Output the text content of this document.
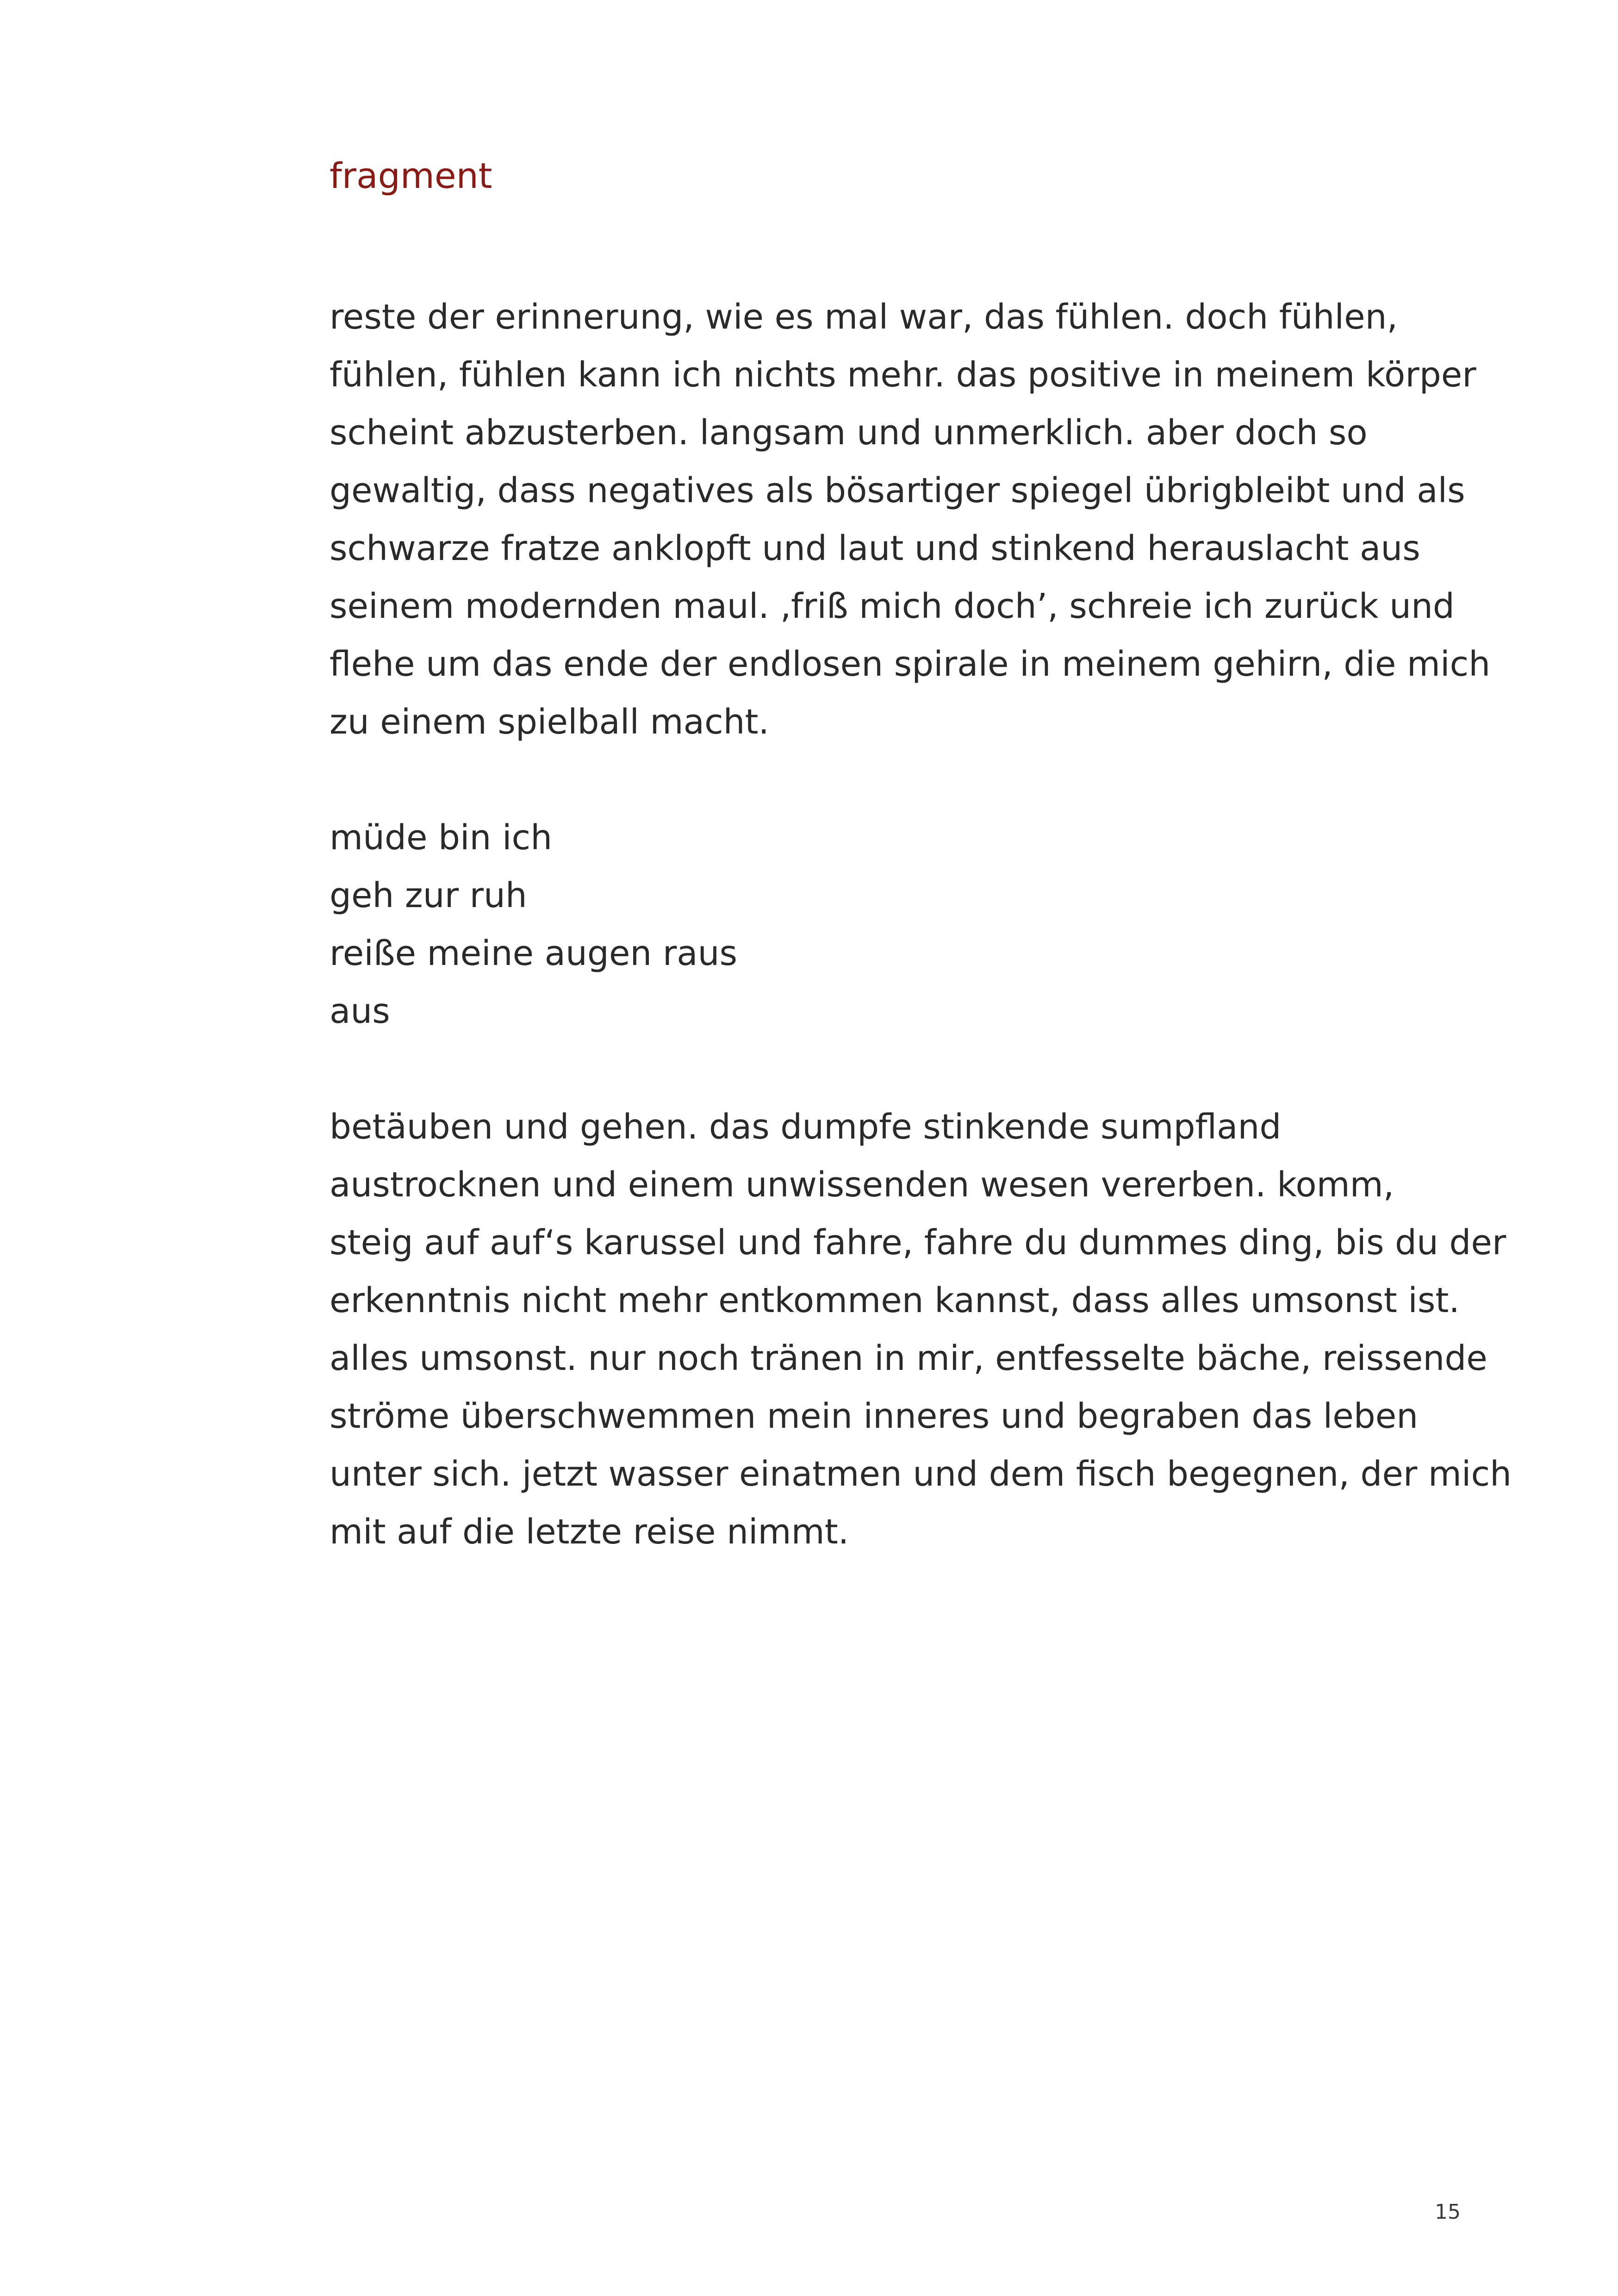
fragment

reste der erinnerung, wie es mal war, das fühlen. doch fühlen,

fühlen, fühlen kann ich nichts mehr. das positive in meinem körper

scheint abzusterben. langsam und unmerklich. aber doch so

gewaltig, dass negatives als bösartiger spiegel übrigbleibt und als

schwarze fratze anklopft und laut und stinkend herauslacht aus

seinem modernden maul. ‚friß mich doch’, schreie ich zurück und

flehe um das ende der endlosen spirale in meinem gehirn, die mich

zu einem spielball macht.

müde bin ich

geh zur ruh

reiße meine augen raus

aus

betäuben und gehen. das dumpfe stinkende sumpfland

austrocknen und einem unwissenden wesen vererben. komm,

steig auf auf‘s karussel und fahre, fahre du dummes ding, bis du der

erkenntnis nicht mehr entkommen kannst, dass alles umsonst ist.

alles umsonst. nur noch tränen in mir, entfesselte bäche, reissende

ströme überschwemmen mein inneres und begraben das leben

unter sich. jetzt wasser einatmen und dem fisch begegnen, der mich

mit auf die letzte reise nimmt.

15
